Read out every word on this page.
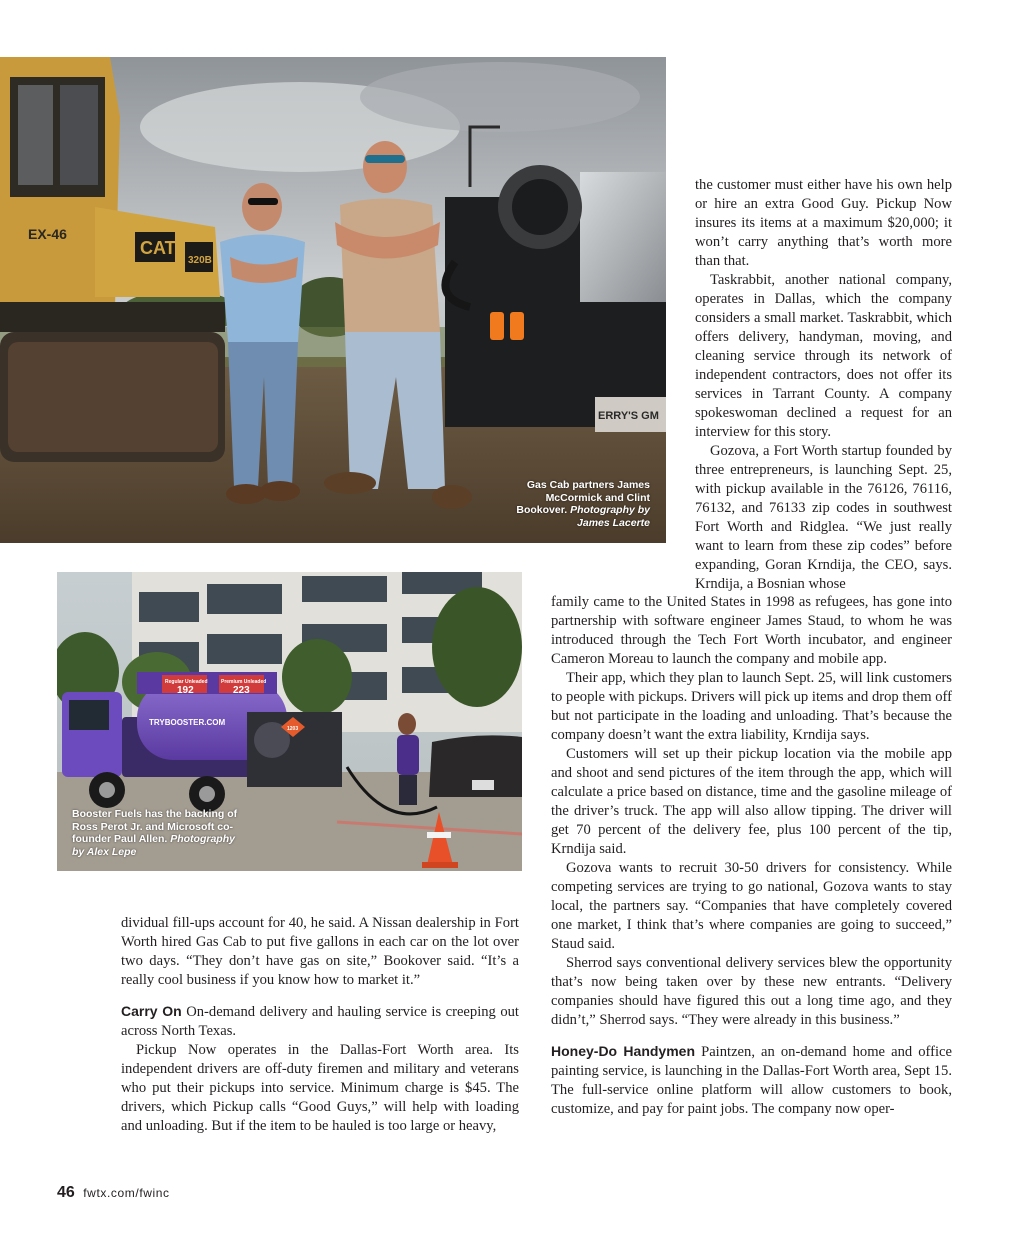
CAT
320B
EX-46
ERRY'S GM
Gas Cab partners James McCormick and Clint Bookover. Photography by James Lacerte
Regular Unleaded
192
Premium Unleaded
223
TRYBOOSTER.COM
1203
Booster Fuels has the backing of Ross Perot Jr. and Microsoft co-founder Paul Allen. Photography by Alex Lepe

the customer must either have his own help or hire an extra Good Guy. Pickup Now insures its items at a maximum $20,000; it won’t carry anything that’s worth more than that.

Taskrabbit, another national company, operates in Dallas, which the company considers a small market. Taskrabbit, which offers delivery, handyman, moving, and cleaning service through its network of independent contractors, does not offer its services in Tarrant County. A company spokeswoman declined a request for an interview for this story.

Gozova, a Fort Worth startup founded by three entrepreneurs, is launching Sept. 25, with pickup available in the 76126, 76116, 76132, and 76133 zip codes in southwest Fort Worth and Ridglea. “We just really want to learn from these zip codes” before expanding, Goran Krndija, the CEO, says. Krndija, a Bosnian whose

family came to the United States in 1998 as refugees, has gone into partnership with software engineer James Staud, to whom he was introduced through the Tech Fort Worth incubator, and engineer Cameron Moreau to launch the company and mobile app.

Their app, which they plan to launch Sept. 25, will link customers to people with pickups. Drivers will pick up items and drop them off but not participate in the loading and unloading. That’s because the company doesn’t want the extra liability, Krndija says.

Customers will set up their pickup location via the mobile app and shoot and send pictures of the item through the app, which will calculate a price based on distance, time and the gasoline mileage of the driver’s truck. The app will also allow tipping. The driver will get 70 percent of the delivery fee, plus 100 percent of the tip, Krndija said.

Gozova wants to recruit 30-50 drivers for consistency. While competing services are trying to go national, Gozova wants to stay local, the partners say. “Companies that have completely covered one market, I think that’s where companies are going to succeed,” Staud said.

Sherrod says conventional delivery services blew the opportunity that’s now being taken over by these new entrants. “Delivery companies should have figured this out a long time ago, and they didn’t,” Sherrod says. “They were already in this business.”

Honey-Do Handymen Paintzen, an on-demand home and office painting service, is launching in the Dallas-Fort Worth area, Sept 15. The full-service online platform will allow customers to book, customize, and pay for paint jobs. The company now oper-

dividual fill-ups account for 40, he said. A Nissan dealership in Fort Worth hired Gas Cab to put five gallons in each car on the lot over two days. “They don’t have gas on site,” Bookover said. “It’s a really cool business if you know how to market it.”

Carry On On-demand delivery and hauling service is creeping out across North Texas.

Pickup Now operates in the Dallas-Fort Worth area. Its independent drivers are off-duty firemen and military and veterans who put their pickups into service. Minimum charge is $45. The drivers, which Pickup calls “Good Guys,” will help with loading and unloading. But if the item to be hauled is too large or heavy,

46 fwtx.com/fwinc
